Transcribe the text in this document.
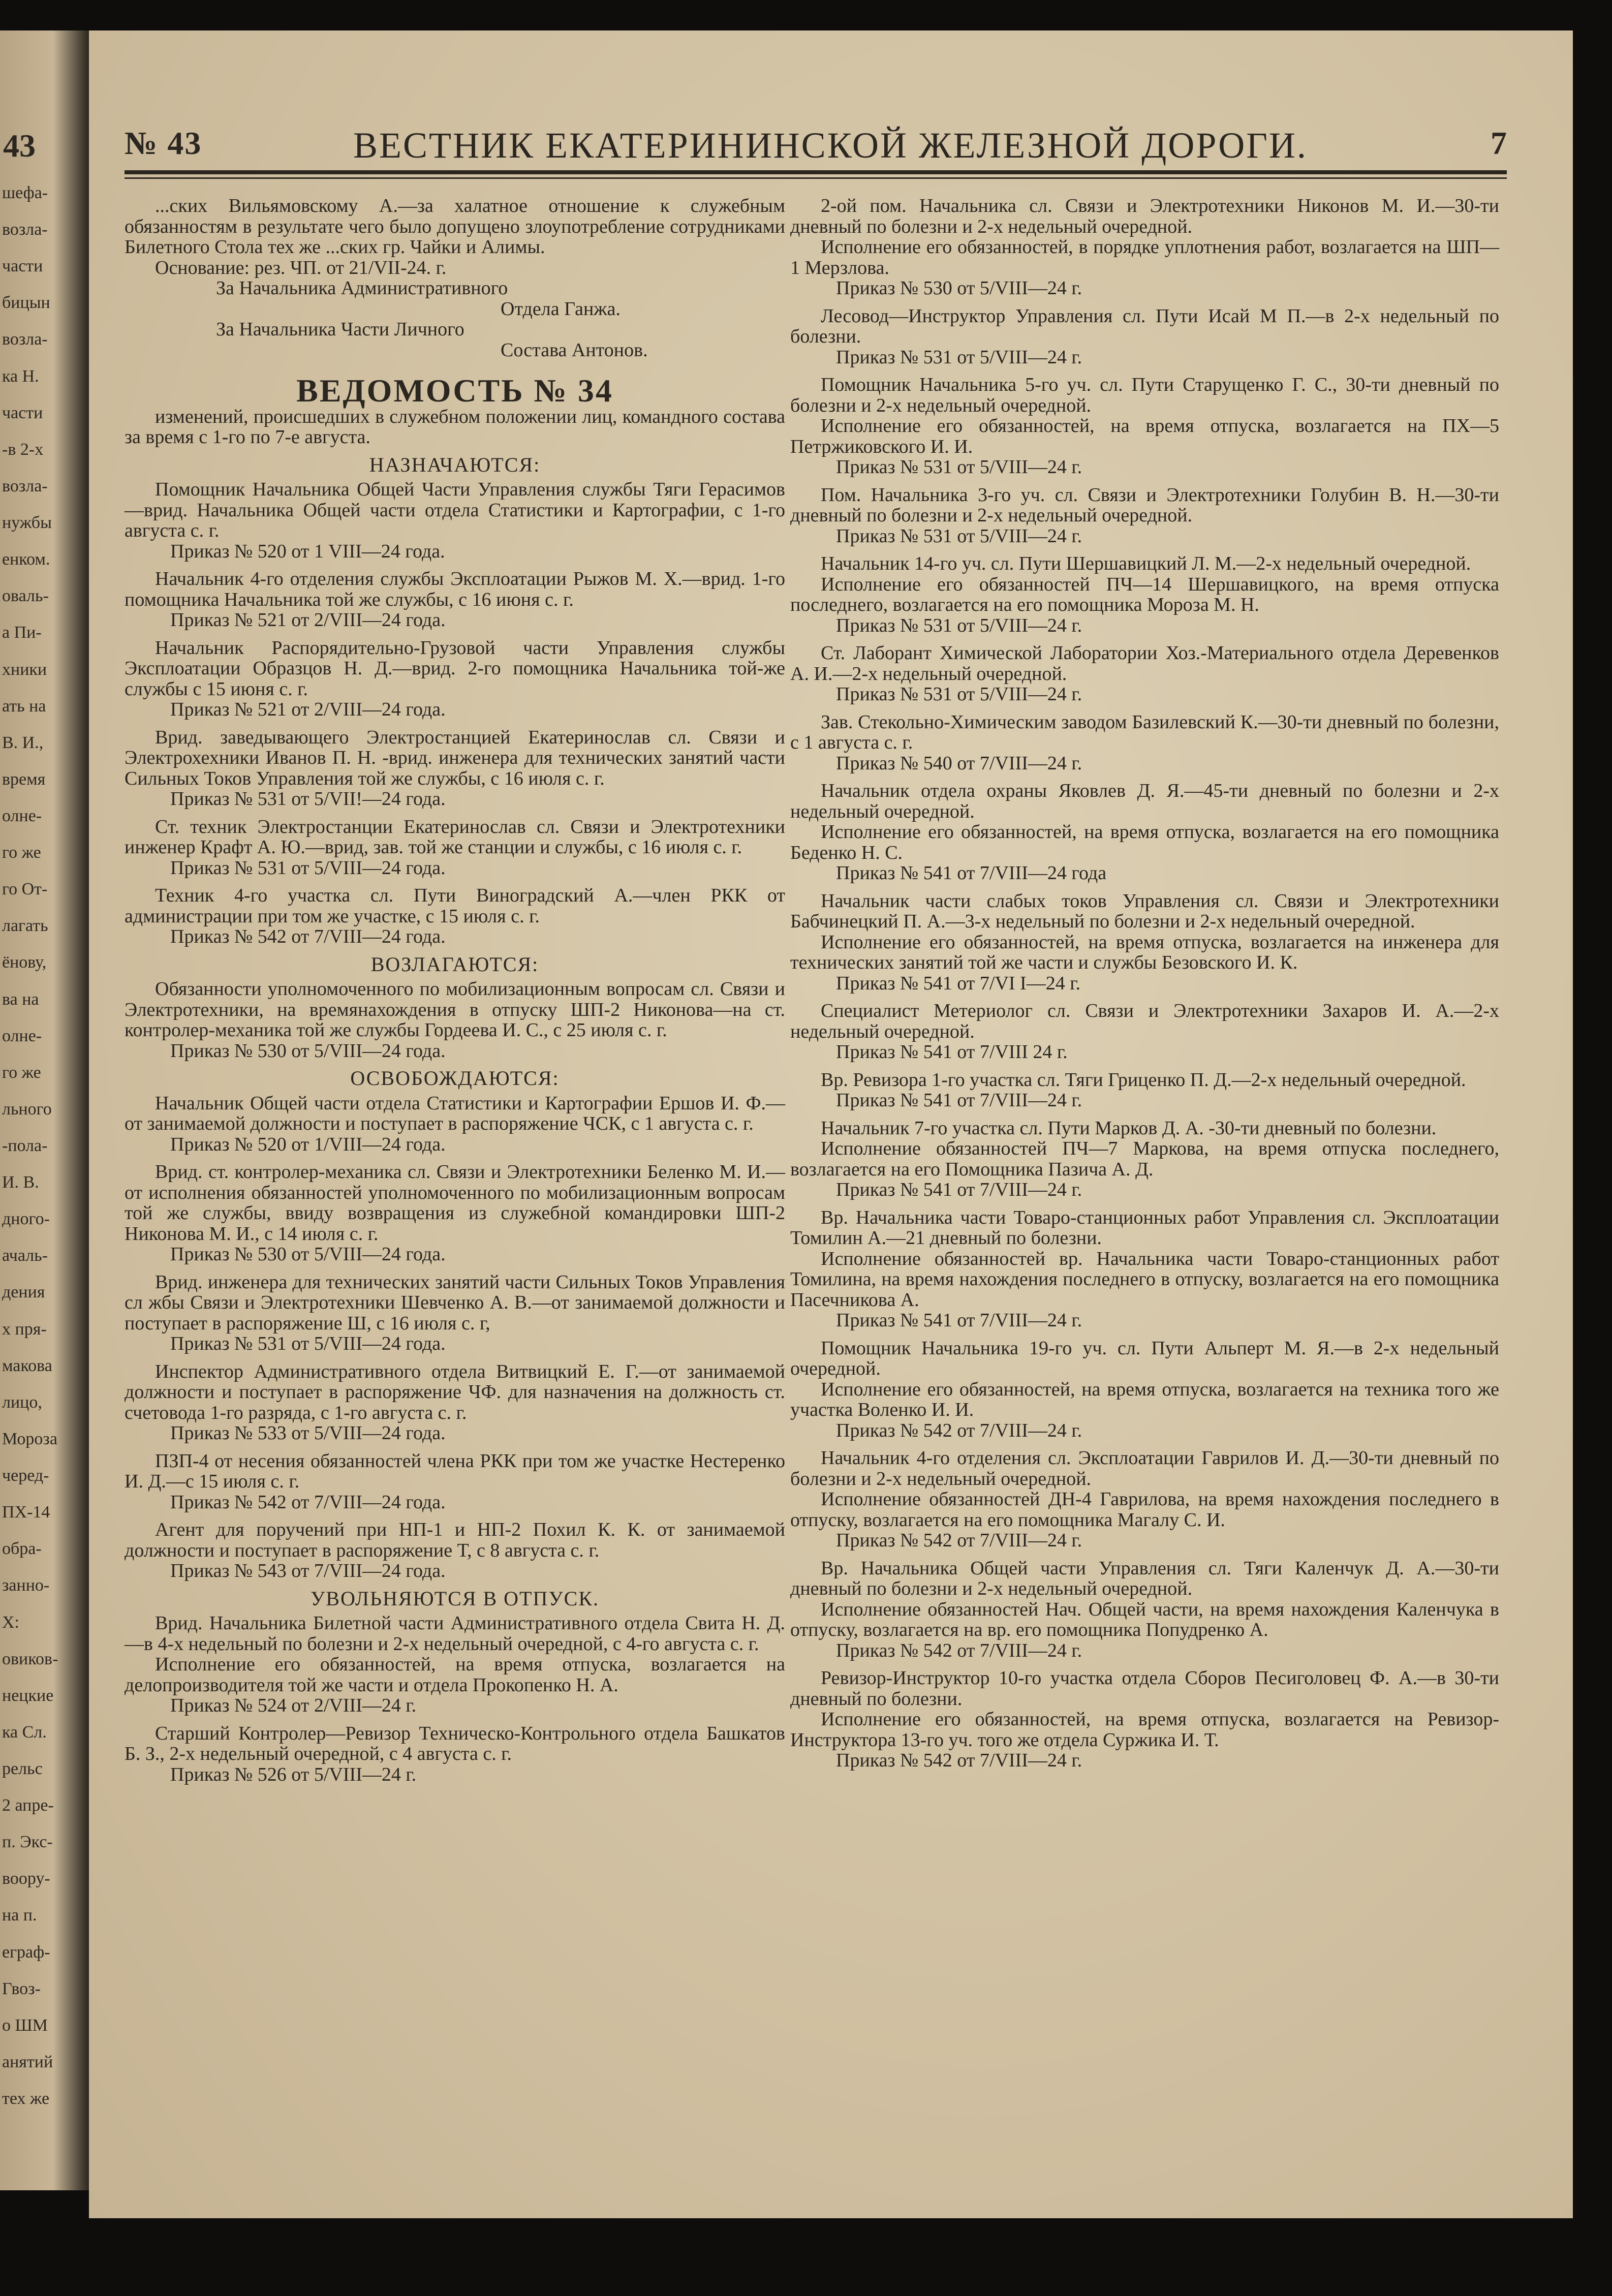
43
шефа-
возла-
части
бицын
возла-
ка Н.
части
-в 2-х
возла-
нужбы
енком.
оваль-
а Пи-
хники
ать на
В. И.,
время
олне-
го же
го От-
лагать
ёнову,
ва на
олне-
го же
льного
-пола-
И. В.
дного-
ачаль-
дения
х пря-
макова
лицо,
Мороза
черед-
ПХ-14
обра-
занно-
Х:
овиков-
нецкие
ка Сл.
рельс
2 апре-
п. Экс-
воору-
на п.
еграф-
Гвоз-
о ШМ
анятий
тех же
№ 43	ВЕСТНИК ЕКАТЕРИНИНСКОЙ ЖЕЛЕЗНОЙ ДОРОГИ.	7

...ских Вильямовскому А.—за халатное отношение к служебным обязанностям в результате чего было допущено злоупотребление сотрудниками Билетного Стола тех же ...ских гр. Чайки и Алимы.

Основание: рез. ЧП. от 21/VII-24. г.

За Начальника Административного

Отдела Ганжа.

За Начальника Части Личного

Состава Антонов.

ВЕДОМОСТЬ № 34

изменений, происшедших в служебном положении лиц, командного состава за время с 1-го по 7-е августа.

НАЗНАЧАЮТСЯ:

Помощник Начальника Общей Части Управления службы Тяги Герасимов—врид. Начальника Общей части отдела Статистики и Картографии, с 1-го августа с. г.

Приказ № 520 от 1 VIII—24 года.

Начальник 4-го отделения службы Эксплоатации Рыжов М. Х.—врид. 1-го помощника Начальника той же службы, с 16 июня с. г.

Приказ № 521 от 2/VIII—24 года.

Начальник Распорядительно-Грузовой части Управления службы Эксплоатации Образцов Н. Д.—врид. 2-го помощника Начальника той-же службы с 15 июня с. г.

Приказ № 521 от 2/VIII—24 года.

Врид. заведывающего Электростанцией Екатеринослав сл. Связи и Электрохехники Иванов П. Н. -врид. инженера для технических занятий части Сильных Токов Управления той же службы, с 16 июля с. г.

Приказ № 531 от 5/VII!—24 года.

Ст. техник Электростанции Екатеринослав сл. Связи и Электротехники инженер Крафт А. Ю.—врид, зав. той же станции и службы, с 16 июля с. г.

Приказ № 531 от 5/VIII—24 года.

Техник 4-го участка сл. Пути Виноградский А.—член РКК от администрации при том же участке, с 15 июля с. г.

Приказ № 542 от 7/VIII—24 года.

ВОЗЛАГАЮТСЯ:

Обязанности уполномоченного по мобилизационным вопросам сл. Связи и Электротехники, на времянахождения в отпуску ШП-2 Никонова—на ст. контролер-механика той же службы Гордеева И. С., с 25 июля с. г.

Приказ № 530 от 5/VIII—24 года.

ОСВОБОЖДАЮТСЯ:

Начальник Общей части отдела Статистики и Картографии Ершов И. Ф.—от занимаемой должности и поступает в распоряжение ЧСК, с 1 августа с. г.

Приказ № 520 от 1/VIII—24 года.

Врид. ст. контролер-механика сл. Связи и Электротехники Беленко М. И.—от исполнения обязанностей уполномоченного по мобилизационным вопросам той же службы, ввиду возвращения из служебной командировки ШП-2 Никонова М. И., с 14 июля с. г.

Приказ № 530 от 5/VIII—24 года.

Врид. инженера для технических занятий части Сильных Токов Управления сл жбы Связи и Электротехники Шевченко А. В.—от занимаемой должности и поступает в распоряжение Ш, с 16 июля с. г,

Приказ № 531 от 5/VIII—24 года.

Инспектор Административного отдела Витвицкий Е. Г.—от занимаемой должности и поступает в распоряжение ЧФ. для назначения на должность ст. счетовода 1-го разряда, с 1-го августа с. г.

Приказ № 533 от 5/VIII—24 года.

ПЗП-4 от несения обязанностей члена РКК при том же участке Нестеренко И. Д.—с 15 июля с. г.

Приказ № 542 от 7/VIII—24 года.

Агент для поручений при НП-1 и НП-2 Похил К. К. от занимаемой должности и поступает в распоряжение Т, с 8 августа с. г.

Приказ № 543 от 7/VIII—24 года.

УВОЛЬНЯЮТСЯ В ОТПУСК.

Врид. Начальника Билетной части Административного отдела Свита Н. Д.—в 4-х недельный по болезни и 2-х недельный очередной, с 4-го августа с. г.

Исполнение его обязанностей, на время отпуска, возлагается на делопроизводителя той же части и отдела Прокопенко Н. А.

Приказ № 524 от 2/VIII—24 г.

Старший Контролер—Ревизор Техническо-Контрольного отдела Башкатов Б. З., 2-х недельный очередной, с 4 августа с. г.

Приказ № 526 от 5/VIII—24 г.

2-ой пом. Начальника сл. Связи и Электротехники Никонов М. И.—30-ти дневный по болезни и 2-х недельный очередной.

Исполнение его обязанностей, в порядке уплотнения работ, возлагается на ШП—1 Мерзлова.

Приказ № 530 от 5/VIII—24 г.

Лесовод—Инструктор Управления сл. Пути Исай М П.—в 2-х недельный по болезни.

Приказ № 531 от 5/VIII—24 г.

Помощник Начальника 5-го уч. сл. Пути Старущенко Г. С., 30-ти дневный по болезни и 2-х недельный очередной.

Исполнение его обязанностей, на время отпуска, возлагается на ПХ—5 Петржиковского И. И.

Приказ № 531 от 5/VIII—24 г.

Пом. Начальника 3-го уч. сл. Связи и Электротехники Голубин В. Н.—30-ти дневный по болезни и 2-х недельный очередной.

Приказ № 531 от 5/VIII—24 г.

Начальник 14-го уч. сл. Пути Шершавицкий Л. М.—2-х недельный очередной.

Исполнение его обязанностей ПЧ—14 Шершавицкого, на время отпуска последнего, возлагается на его помощника Мороза М. Н.

Приказ № 531 от 5/VIII—24 г.

Ст. Лаборант Химической Лаборатории Хоз.-Материального отдела Деревенков А. И.—2-х недельный очередной.

Приказ № 531 от 5/VIII—24 г.

Зав. Стекольно-Химическим заводом Базилевский К.—30-ти дневный по болезни, с 1 августа с. г.

Приказ № 540 от 7/VIII—24 г.

Начальник отдела охраны Яковлев Д. Я.—45-ти дневный по болезни и 2-х недельный очередной.

Исполнение его обязанностей, на время отпуска, возлагается на его помощника Беденко Н. С.

Приказ № 541 от 7/VIII—24 года

Начальник части слабых токов Управления сл. Связи и Электротехники Бабчинецкий П. А.—3-х недельный по болезни и 2-х недельный очередной.

Исполнение его обязанностей, на время отпуска, возлагается на инженера для технических занятий той же части и службы Безовского И. К.

Приказ № 541 от 7/VI I—24 г.

Специалист Метериолог сл. Связи и Электротехники Захаров И. А.—2-х недельный очередной.

Приказ № 541 от 7/VIII 24 г.

Вр. Ревизора 1-го участка сл. Тяги Гриценко П. Д.—2-х недельный очередной.

Приказ № 541 от 7/VIII—24 г.

Начальник 7-го участка сл. Пути Марков Д. А. -30-ти дневный по болезни.

Исполнение обязанностей ПЧ—7 Маркова, на время отпуска последнего, возлагается на его Помощника Пазича А. Д.

Приказ № 541 от 7/VIII—24 г.

Вр. Начальника части Товаро-станционных работ Управления сл. Эксплоатации Томилин А.—21 дневный по болезни.

Исполнение обязанностей вр. Начальника части Товаро-станционных работ Томилина, на время нахождения последнего в отпуску, возлагается на его помощника Пасечникова А.

Приказ № 541 от 7/VIII—24 г.

Помощник Начальника 19-го уч. сл. Пути Альперт М. Я.—в 2-х недельный очередной.

Исполнение его обязанностей, на время отпуска, возлагается на техника того же участка Воленко И. И.

Приказ № 542 от 7/VIII—24 г.

Начальник 4-го отделения сл. Эксплоатации Гаврилов И. Д.—30-ти дневный по болезни и 2-х недельный очередной.

Исполнение обязанностей ДН-4 Гаврилова, на время нахождения последнего в отпуску, возлагается на его помощника Магалу С. И.

Приказ № 542 от 7/VIII—24 г.

Вр. Начальника Общей части Управления сл. Тяги Каленчук Д. А.—30-ти дневный по болезни и 2-х недельный очередной.

Исполнение обязанностей Нач. Общей части, на время нахождения Каленчука в отпуску, возлагается на вр. его помощника Попудренко А.

Приказ № 542 от 7/VIII—24 г.

Ревизор-Инструктор 10-го участка отдела Сборов Песиголовец Ф. А.—в 30-ти дневный по болезни.

Исполнение его обязанностей, на время отпуска, возлагается на Ревизор-Инструктора 13-го уч. того же отдела Суржика И. Т.

Приказ № 542 от 7/VIII—24 г.
